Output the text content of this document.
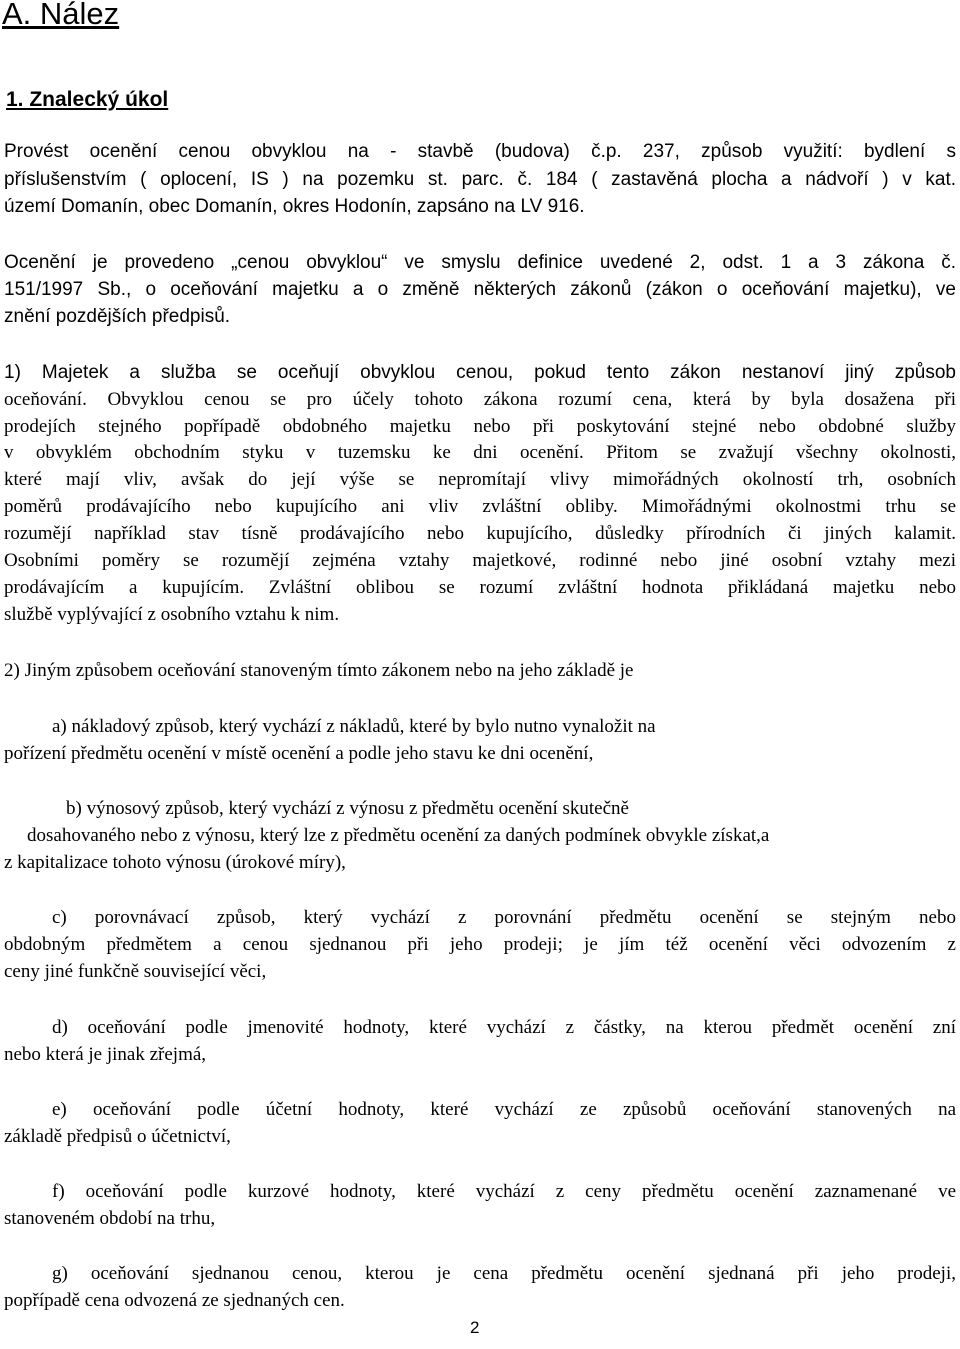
A. Nález
1. Znalecký úkol
Provést ocenění cenou obvyklou na - stavbě (budova) č.p. 237, způsob využití: bydlení s
příslušenstvím ( oplocení, IS ) na pozemku st. parc. č. 184 ( zastavěná plocha a nádvoří ) v kat.
území Domanín, obec Domanín, okres Hodonín, zapsáno na LV 916.
Ocenění je provedeno „cenou obvyklou“ ve smyslu definice uvedené 2, odst. 1 a 3 zákona č.
151/1997 Sb., o oceňování majetku a o změně některých zákonů (zákon o oceňování majetku), ve
znění pozdějších předpisů.
1) Majetek a služba se oceňují obvyklou cenou, pokud tento zákon nestanoví jiný způsob
oceňování. Obvyklou cenou se pro účely tohoto zákona rozumí cena, která by byla dosažena při
prodejích stejného popřípadě obdobného majetku nebo při poskytování stejné nebo obdobné služby
v obvyklém obchodním styku v tuzemsku ke dni ocenění. Přitom se zvažují všechny okolnosti,
které mají vliv, avšak do její výše se nepromítají vlivy mimořádných okolností trh, osobních
poměrů prodávajícího nebo kupujícího ani vliv zvláštní obliby. Mimořádnými okolnostmi trhu se
rozumějí například stav tísně prodávajícího nebo kupujícího, důsledky přírodních či jiných kalamit.
Osobními poměry se rozumějí zejména vztahy majetkové, rodinné nebo jiné osobní vztahy mezi
prodávajícím a kupujícím. Zvláštní oblibou se rozumí zvláštní hodnota přikládaná majetku nebo
službě vyplývající z osobního vztahu k nim.
2) Jiným způsobem oceňování stanoveným tímto zákonem nebo na jeho základě je
a) nákladový způsob, který vychází z nákladů, které by bylo nutno vynaložit na
pořízení předmětu ocenění v místě ocenění a podle jeho stavu ke dni ocenění,
b) výnosový způsob, který vychází z výnosu z předmětu ocenění skutečně
dosahovaného nebo z výnosu, který lze z předmětu ocenění za daných podmínek obvykle získat,a
z kapitalizace tohoto výnosu (úrokové míry),
c) porovnávací způsob, který vychází z porovnání předmětu ocenění se stejným nebo
obdobným předmětem a cenou sjednanou při jeho prodeji; je jím též ocenění věci odvozením z
ceny jiné funkčně související věci,
d) oceňování podle jmenovité hodnoty, které vychází z částky, na kterou předmět ocenění zní
nebo která je jinak zřejmá,
e) oceňování podle účetní hodnoty, které vychází ze způsobů oceňování stanovených na
základě předpisů o účetnictví,
f) oceňování podle kurzové hodnoty, které vychází z ceny předmětu ocenění zaznamenané ve
stanoveném období na trhu,
g) oceňování sjednanou cenou, kterou je cena předmětu ocenění sjednaná při jeho prodeji,
popřípadě cena odvozená ze sjednaných cen.
2
